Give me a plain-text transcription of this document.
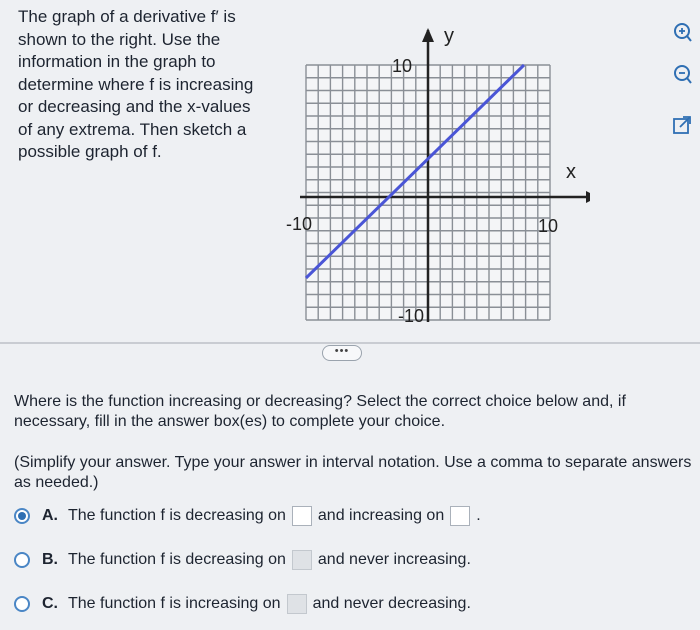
The graph of a derivative f′ is shown to the right. Use the information in the graph to determine where f is increasing or decreasing and the x-values of any extrema. Then sketch a possible graph of f.
y
x
10
-10
-10	10
•••
Where is the function increasing or decreasing? Select the correct choice below and, if necessary, fill in the answer box(es) to complete your choice.
(Simplify your answer. Type your answer in interval notation. Use a comma to separate answers as needed.)
A. The function f is decreasing on and increasing on .
B. The function f is decreasing on and never increasing.
C. The function f is increasing on and never decreasing.
